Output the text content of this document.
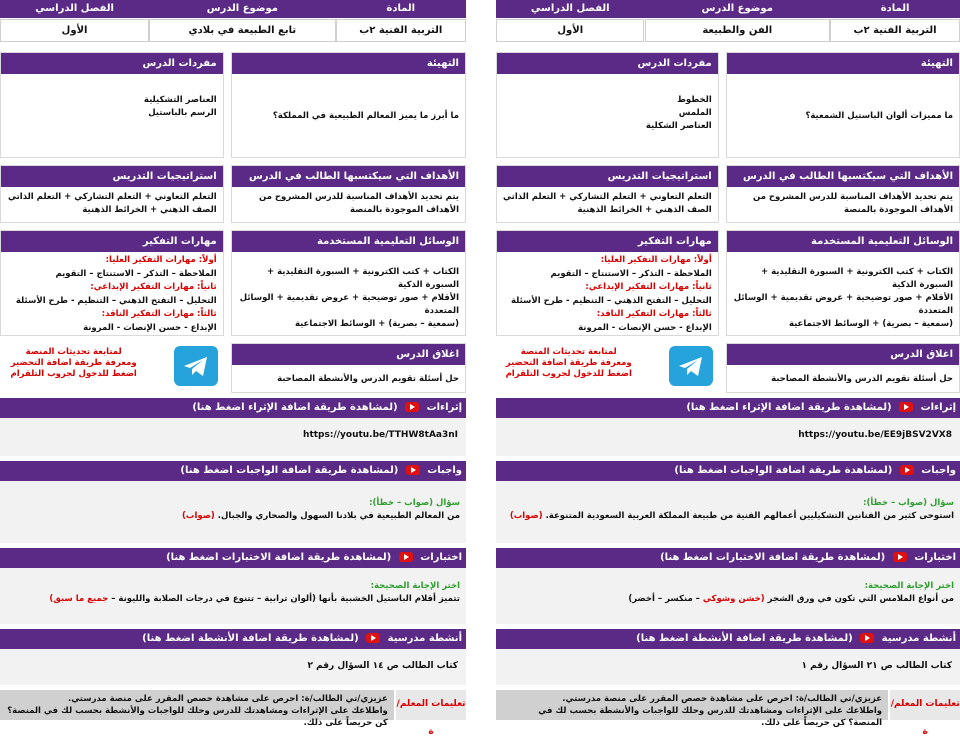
المادة
موضوع الدرس
الفصل الدراسي
التربية الفنية ٢ب
الفن والطبيعة
الأول
التهيئة
ما مميزات ألوان الباستيل الشمعية؟
مفردات الدرس
الخطوط
الملمس
العناصر الشكلية
الأهداف التي سيكتسبها الطالب في الدرس
يتم تحديد الأهداف المناسبة للدرس المشروح من الأهداف الموجودة بالمنصة
استراتيجيات التدريس
التعلم التعاوني + التعلم التشاركي + التعلم الذاتي
الصف الذهني + الخرائط الذهنية
الوسائل التعليمية المستخدمة
الكتاب + كتب الكترونية + السبورة التقليدية + السبورة الذكية
الأقلام + صور توضيحية + عروض تقديمية + الوسائل المتعددة
(سمعية – بصرية) + الوسائط الاجتماعية
مهارات التفكير
أولاً: مهارات التفكير العليا:
الملاحظة – التذكر – الاستنتاج – التقويم
ثانياً: مهارات التفكير الإبداعي:
التحليل – التفتح الذهني – التنظيم - طرح الأسئلة
ثالثاً: مهارات التفكير الناقد:
الإبداع - حسن الإنصات - المرونة
اغلاق الدرس
حل أسئلة تقويم الدرس والأنشطة المصاحبة
لمتابعة تحديثات المنصة
ومعرفة طريقة اضافة التحضير
اضغط للدخول لجروب التلقرام
إثراءات  (لمشاهدة طريقة اضافة الإثراء اضغط هنا)
https://youtu.be/EE9jBSV2VX8
واجبات  (لمشاهدة طريقة اضافة الواجبات اضغط هنا)
سؤال (صواب – خطأ):
استوحى كثير من الفنانين التشكيليين أعمالهم الفنية من طبيعة المملكة العربية السعودية المتنوعة. (صواب)
اختبارات  (لمشاهدة طريقة اضافة الاختبارات اضغط هنا)
اختر الإجابة الصحيحة:
من أنواع الملامس التي تكون في ورق الشجر (خشن وشوكي – منكسر – أخضر)
أنشطة مدرسية  (لمشاهدة طريقة اضافة الأنشطة اضغط هنا)
كتاب الطالب ص ٢١ السؤال رقم ١
تعليمات المعلم/ة
عزيزي/تي الطالب/ة: احرص على مشاهدة حصص المقرر على منصة مدرستي.
واطلاعك على الإثراءات ومشاهدتك للدرس وحلك للواجبات والأنشطة بحسب لك في المنصة؟ كن حريصاً على ذلك.
المادة
موضوع الدرس
الفصل الدراسي
التربية الفنية ٢ب
تابع الطبيعة في بلادي
الأول
التهيئة
ما أبرز ما يميز المعالم الطبيعية في المملكة؟
مفردات الدرس
العناصر التشكيلية
الرسم بالباستيل
الأهداف التي سيكتسبها الطالب في الدرس
يتم تحديد الأهداف المناسبة للدرس المشروح من الأهداف الموجودة بالمنصة
استراتيجيات التدريس
التعلم التعاوني + التعلم التشاركي + التعلم الذاتي
الصف الذهني + الخرائط الذهنية
الوسائل التعليمية المستخدمة
الكتاب + كتب الكترونية + السبورة التقليدية + السبورة الذكية
الأقلام + صور توضيحية + عروض تقديمية + الوسائل المتعددة
(سمعية – بصرية) + الوسائط الاجتماعية
مهارات التفكير
أولاً: مهارات التفكير العليا:
الملاحظة – التذكر – الاستنتاج – التقويم
ثانياً: مهارات التفكير الإبداعي:
التحليل – التفتح الذهني – التنظيم - طرح الأسئلة
ثالثاً: مهارات التفكير الناقد:
الإبداع - حسن الإنصات - المرونة
اغلاق الدرس
حل أسئلة تقويم الدرس والأنشطة المصاحبة
لمتابعة تحديثات المنصة
ومعرفة طريقة اضافة التحضير
اضغط للدخول لجروب التلقرام
إثراءات  (لمشاهدة طريقة اضافة الإثراء اضغط هنا)
https://youtu.be/TTHW8tAa3nI
واجبات  (لمشاهدة طريقة اضافة الواجبات اضغط هنا)
سؤال (صواب – خطأ):
من المعالم الطبيعية في بلادنا السهول والصحاري والجبال. (صواب)
اختبارات  (لمشاهدة طريقة اضافة الاختبارات اضغط هنا)
اختر الإجابة الصحيحة:
تتميز أقلام الباستيل الخشبية بأنها (ألوان ترابية – تتنوع في درجات الصلابة والليونة – جميع ما سبق)
أنشطة مدرسية  (لمشاهدة طريقة اضافة الأنشطة اضغط هنا)
كتاب الطالب ص ١٤ السؤال رقم ٢
تعليمات المعلم/ة
عزيزي/تي الطالب/ة: احرص على مشاهدة حصص المقرر على منصة مدرستي.
واطلاعك على الإثراءات ومشاهدتك للدرس وحلك للواجبات والأنشطة بحسب لك في المنصة؟ كن حريصاً على ذلك.
